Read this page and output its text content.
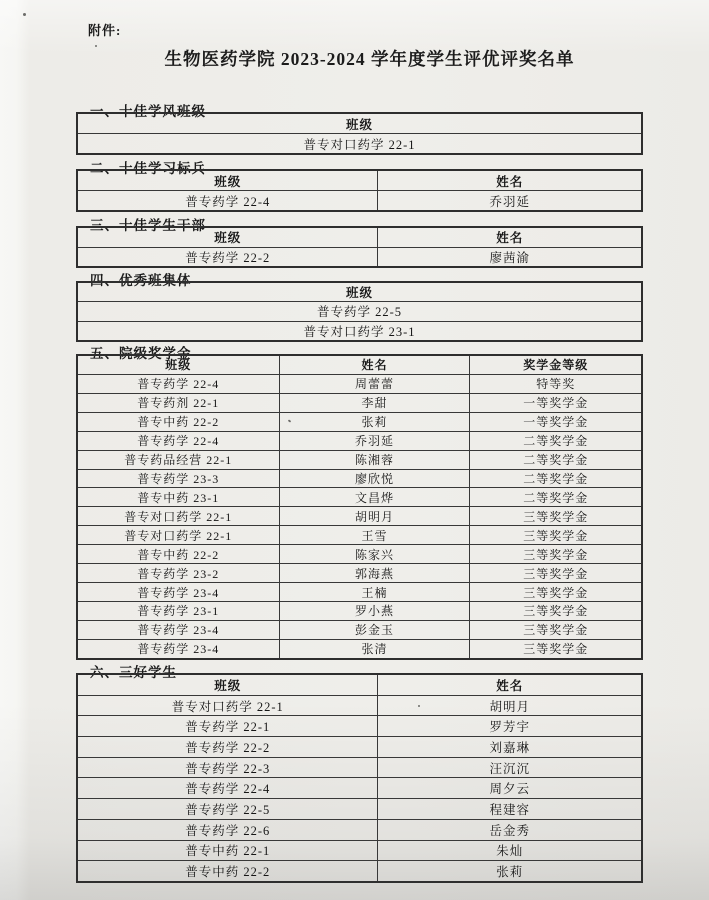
附件:
生物医药学院 2023-2024 学年度学生评优评奖名单
一、十佳学风班级
班级
普专对口药学 22-1
二、十佳学习标兵
班级	姓名
普专药学 22-4	乔羽延
三、十佳学生干部
班级	姓名
普专药学 22-2	廖茜渝
四、优秀班集体
班级
普专药学 22-5
普专对口药学 23-1
五、院级奖学金
班级	姓名	奖学金等级
普专药学 22-4	周蕾蕾	特等奖
普专药剂 22-1	李甜	一等奖学金
普专中药 22-2	张莉	一等奖学金
普专药学 22-4	乔羽延	二等奖学金
普专药品经营 22-1	陈湘蓉	二等奖学金
普专药学 23-3	廖欣悦	二等奖学金
普专中药 23-1	文昌烨	二等奖学金
普专对口药学 22-1	胡明月	三等奖学金
普专对口药学 22-1	王雪	三等奖学金
普专中药 22-2	陈家兴	三等奖学金
普专药学 23-2	郭海燕	三等奖学金
普专药学 23-4	王楠	三等奖学金
普专药学 23-1	罗小燕	三等奖学金
普专药学 23-4	彭金玉	三等奖学金
普专药学 23-4	张清	三等奖学金
六、三好学生
班级	姓名
普专对口药学 22-1	胡明月
普专药学 22-1	罗芳宇
普专药学 22-2	刘嘉琳
普专药学 22-3	汪沉沉
普专药学 22-4	周夕云
普专药学 22-5	程建容
普专药学 22-6	岳金秀
普专中药 22-1	朱灿
普专中药 22-2	张莉
